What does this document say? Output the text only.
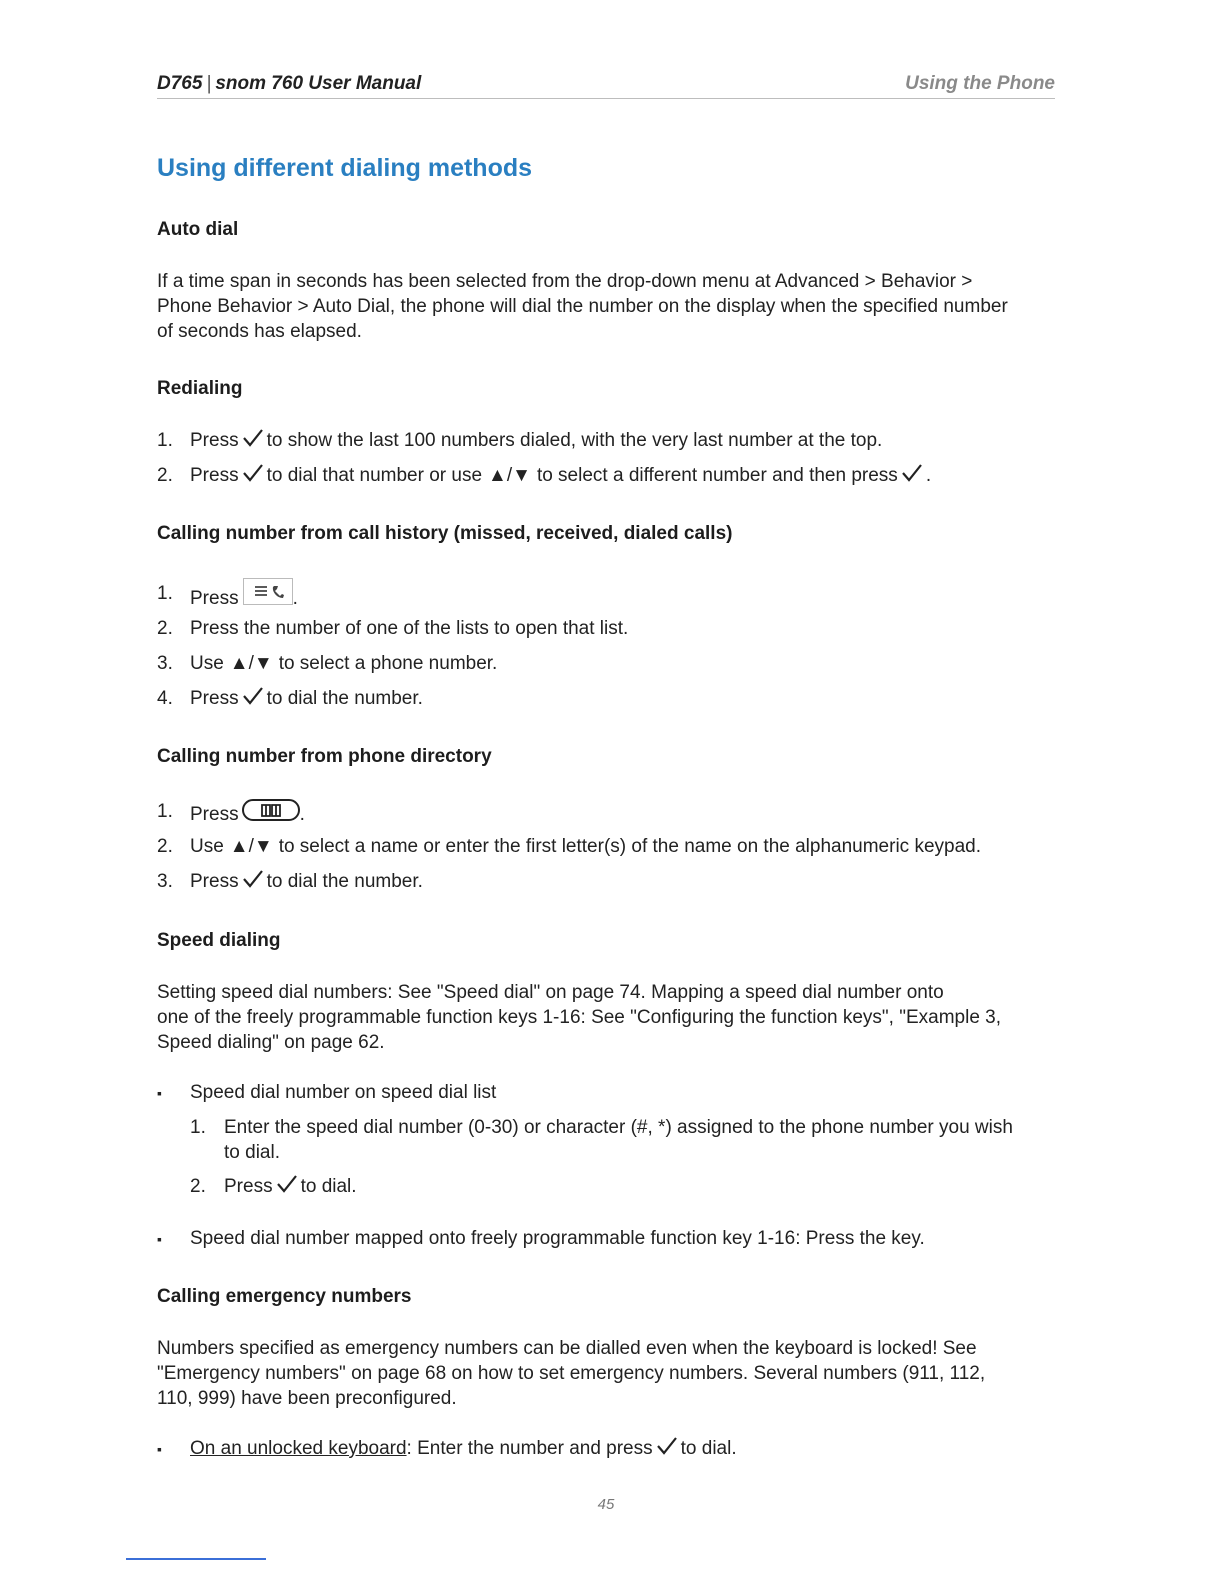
D765 | snom 760 User Manual	Using the Phone
Using different dialing methods
Auto dial
If a time span in seconds has been selected from the drop-down menu at Advanced > Behavior >
Phone Behavior > Auto Dial, the phone will dial the number on the display when the specified number
of seconds has elapsed.
Redialing
1. Press to show the last 100 numbers dialed, with the very last number at the top.
2. Press to dial that number or use ▲/▼ to select a different number and then press .
Calling number from call history (missed, received, dialed calls)
1. Press	.
2. Press the number of one of the lists to open that list.
3. Use ▲/▼ to select a phone number.
4. Press to dial the number.
Calling number from phone directory
1. Press	.
2. Use ▲/▼ to select a name or enter the first letter(s) of the name on the alphanumeric keypad.
3. Press to dial the number.
Speed dialing
Setting speed dial numbers: See "Speed dial" on page 74. Mapping a speed dial number onto
one of the freely programmable function keys 1-16: See "Configuring the function keys", "Example 3,
Speed dialing" on page 62.
▪ Speed dial number on speed dial list
1. Enter the speed dial number (0-30) or character (#, *) assigned to the phone number you wish
to dial.
2. Press to dial.
▪ Speed dial number mapped onto freely programmable function key 1-16: Press the key.
Calling emergency numbers
Numbers specified as emergency numbers can be dialled even when the keyboard is locked! See
"Emergency numbers" on page 68 on how to set emergency numbers. Several numbers (911, 112,
110, 999) have been preconfigured.
▪ On an unlocked keyboard: Enter the number and press to dial.
45
